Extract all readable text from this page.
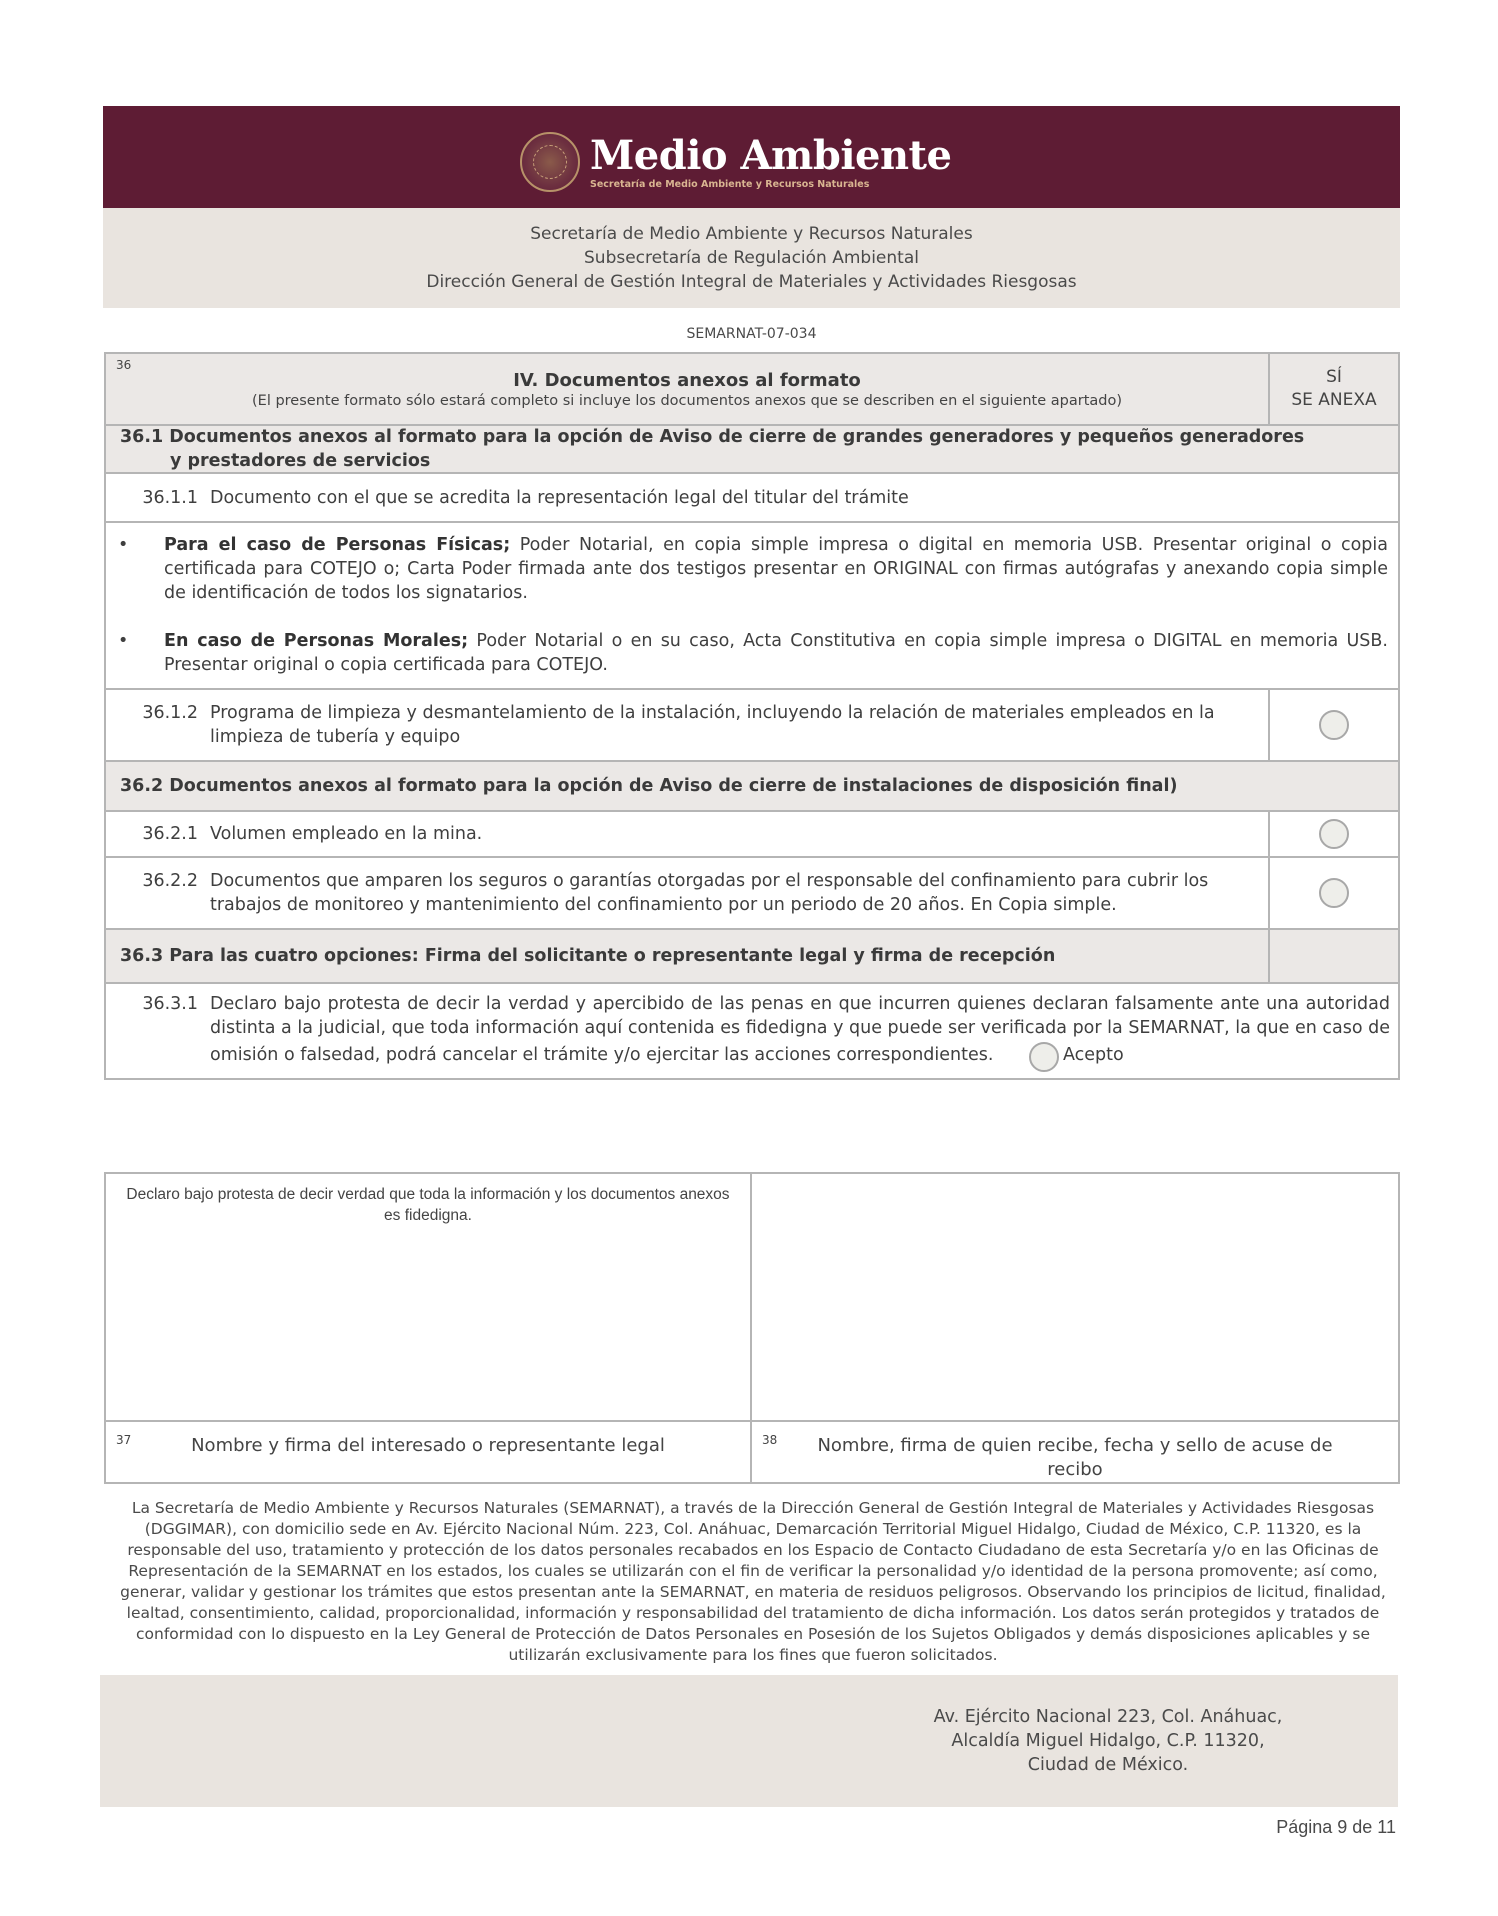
Medio Ambiente
Secretaría de Medio Ambiente y Recursos Naturales
Secretaría de Medio Ambiente y Recursos Naturales
Subsecretaría de Regulación Ambiental
Dirección General de Gestión Integral de Materiales y Actividades Riesgosas
SEMARNAT-07-034
36
IV. Documentos anexos al formato
(El presente formato sólo estará completo si incluye los documentos anexos que se describen en el siguiente apartado)
SÍ
SE ANEXA
36.1 Documentos anexos al formato para la opción de Aviso de cierre de grandes generadores y pequeños generadores
y prestadores de servicios
36.1.1 Documento con el que se acredita la representación legal del titular del trámite
•	Para el caso de Personas Físicas; Poder Notarial, en copia simple impresa o digital en memoria USB. Presentar original o copia certificada para COTEJO o; Carta Poder firmada ante dos testigos presentar en ORIGINAL con firmas autógrafas y anexando copia simple de identificación de todos los signatarios.
•	En caso de Personas Morales; Poder Notarial o en su caso, Acta Constitutiva en copia simple impresa o DIGITAL en memoria USB. Presentar original o copia certificada para COTEJO.
36.1.2 Programa de limpieza y desmantelamiento de la instalación, incluyendo la relación de materiales empleados en la limpieza de tubería y equipo
36.2 Documentos anexos al formato para la opción de Aviso de cierre de instalaciones de disposición final)
36.2.1 Volumen empleado en la mina.
36.2.2 Documentos que amparen los seguros o garantías otorgadas por el responsable del confinamiento para cubrir los trabajos de monitoreo y mantenimiento del confinamiento por un periodo de 20 años. En Copia simple.
36.3 Para las cuatro opciones: Firma del solicitante o representante legal y firma de recepción
36.3.1 Declaro bajo protesta de decir la verdad y apercibido de las penas en que incurren quienes declaran falsamente ante una autoridad distinta a la judicial, que toda información aquí contenida es fidedigna y que puede ser verificada por la SEMARNAT, la que en caso de omisión o falsedad, podrá cancelar el trámite y/o ejercitar las acciones correspondientes.	Acepto
Declaro bajo protesta de decir verdad que toda la información y los documentos anexos es fidedigna.
37	Nombre y firma del interesado o representante legal	38 Nombre, firma de quien recibe, fecha y sello de acuse de recibo
La Secretaría de Medio Ambiente y Recursos Naturales (SEMARNAT), a través de la Dirección General de Gestión Integral de Materiales y Actividades Riesgosas (DGGIMAR), con domicilio sede en Av. Ejército Nacional Núm. 223, Col. Anáhuac, Demarcación Territorial Miguel Hidalgo, Ciudad de México, C.P. 11320, es la responsable del uso, tratamiento y protección de los datos personales recabados en los Espacio de Contacto Ciudadano de esta Secretaría y/o en las Oficinas de Representación de la SEMARNAT en los estados, los cuales se utilizarán con el fin de verificar la personalidad y/o identidad de la persona promovente; así como, generar, validar y gestionar los trámites que estos presentan ante la SEMARNAT, en materia de residuos peligrosos. Observando los principios de licitud, finalidad, lealtad, consentimiento, calidad, proporcionalidad, información y responsabilidad del tratamiento de dicha información. Los datos serán protegidos y tratados de conformidad con lo dispuesto en la Ley General de Protección de Datos Personales en Posesión de los Sujetos Obligados y demás disposiciones aplicables y se utilizarán exclusivamente para los fines que fueron solicitados.
Av. Ejército Nacional 223, Col. Anáhuac,
Alcaldía Miguel Hidalgo, C.P. 11320,
Ciudad de México.
Página 9 de 11
